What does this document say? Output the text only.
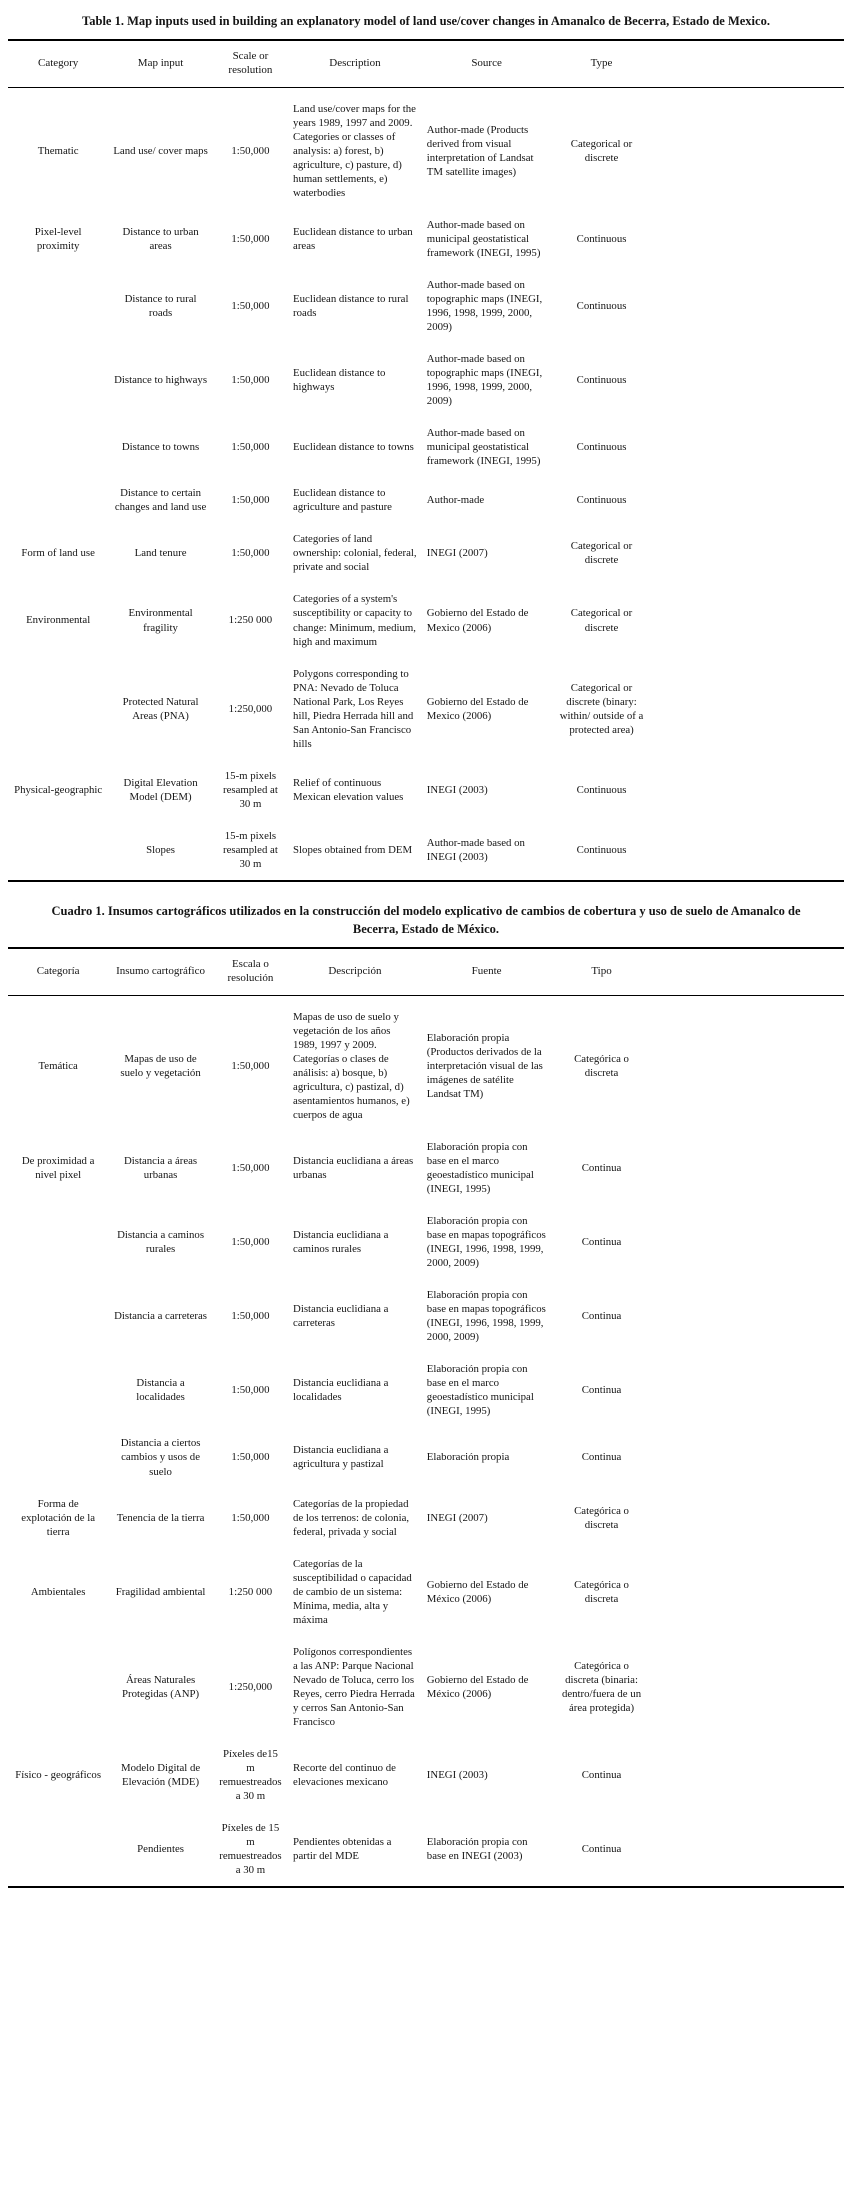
Table 1. Map inputs used in building an explanatory model of land use/cover changes in Amanalco de Becerra, Estado de Mexico.

Category	Map input	Scale or resolution	Description	Source	Type	
Thematic	Land use/ cover maps	1:50,000	Land use/cover maps for the years 1989, 1997 and 2009. Categories or classes of analysis: a) forest, b) agriculture, c) pasture, d) human settlements, e) waterbodies	Author-made (Products derived from visual interpretation of Landsat TM satellite images)	Categorical or discrete	
Pixel-level proximity	Distance to urban areas	1:50,000	Euclidean distance to urban areas	Author-made based on municipal geostatistical framework (INEGI, 1995)	Continuous	
	Distance to rural roads	1:50,000	Euclidean distance to rural roads	Author-made based on topographic maps (INEGI, 1996, 1998, 1999, 2000, 2009)	Continuous	
	Distance to highways	1:50,000	Euclidean distance to highways	Author-made based on topographic maps (INEGI, 1996, 1998, 1999, 2000, 2009)	Continuous	
	Distance to towns	1:50,000	Euclidean distance to towns	Author-made based on municipal geostatistical framework (INEGI, 1995)	Continuous	
	Distance to certain changes and land use	1:50,000	Euclidean distance to agriculture and pasture	Author-made	Continuous	
Form of land use	Land tenure	1:50,000	Categories of land ownership: colonial, federal, private and social	INEGI (2007)	Categorical or discrete	
Environmental	Environmental fragility	1:250 000	Categories of a system's susceptibility or capacity to change: Minimum, medium, high and maximum	Gobierno del Estado de Mexico (2006)	Categorical or discrete	
	Protected Natural Areas (PNA)	1:250,000	Polygons corresponding to PNA: Nevado de Toluca National Park, Los Reyes hill, Piedra Herrada hill and San Antonio-San Francisco hills	Gobierno del Estado de Mexico (2006)	Categorical or discrete (binary: within/ outside of a protected area)	
Physical-geographic	Digital Elevation Model (DEM)	15-m pixels resampled at 30 m	Relief of continuous Mexican elevation values	INEGI (2003)	Continuous	
	Slopes	15-m pixels resampled at 30 m	Slopes obtained from DEM	Author-made based on INEGI (2003)	Continuous	

Cuadro 1. Insumos cartográficos utilizados en la construcción del modelo explicativo de cambios de cobertura y uso de suelo de Amanalco de Becerra, Estado de México.

Categoría	Insumo cartográfico	Escala o resolución	Descripción	Fuente	Tipo	
Temática	Mapas de uso de suelo y vegetación	1:50,000	Mapas de uso de suelo y vegetación de los años 1989, 1997 y 2009. Categorías o clases de análisis: a) bosque, b) agricultura, c) pastizal, d) asentamientos humanos, e) cuerpos de agua	Elaboración propia (Productos derivados de la interpretación visual de las imágenes de satélite Landsat TM)	Categórica o discreta	
De proximidad a nivel pixel	Distancia a áreas urbanas	1:50,000	Distancia euclidiana a áreas urbanas	Elaboración propia con base en el marco geoestadístico municipal (INEGI, 1995)	Continua	
	Distancia a caminos rurales	1:50,000	Distancia euclidiana a caminos rurales	Elaboración propia con base en mapas topográficos (INEGI, 1996, 1998, 1999, 2000, 2009)	Continua	
	Distancia a carreteras	1:50,000	Distancia euclidiana a carreteras	Elaboración propia con base en mapas topográficos (INEGI, 1996, 1998, 1999, 2000, 2009)	Continua	
	Distancia a localidades	1:50,000	Distancia euclidiana a localidades	Elaboración propia con base en el marco geoestadístico municipal (INEGI, 1995)	Continua	
	Distancia a ciertos cambios y usos de suelo	1:50,000	Distancia euclidiana a agricultura y pastizal	Elaboración propia	Continua	
Forma de explotación de la tierra	Tenencia de la tierra	1:50,000	Categorías de la propiedad de los terrenos: de colonia, federal, privada y social	INEGI (2007)	Categórica o discreta	
Ambientales	Fragilidad ambiental	1:250 000	Categorías de la susceptibilidad o capacidad de cambio de un sistema: Mínima, media, alta y máxima	Gobierno del Estado de México (2006)	Categórica o discreta	
	Áreas Naturales Protegidas (ANP)	1:250,000	Polígonos correspondientes a las ANP: Parque Nacional Nevado de Toluca, cerro los Reyes, cerro Piedra Herrada y cerros San Antonio-San Francisco	Gobierno del Estado de México (2006)	Categórica o discreta (binaria: dentro/fuera de un área protegida)	
Físico - geográficos	Modelo Digital de Elevación (MDE)	Píxeles de15 m remuestreados a 30 m	Recorte del continuo de elevaciones mexicano	INEGI (2003)	Continua	
	Pendientes	Píxeles de 15 m remuestreados a 30 m	Pendientes obtenidas a partir del MDE	Elaboración propia con base en INEGI (2003)	Continua	
